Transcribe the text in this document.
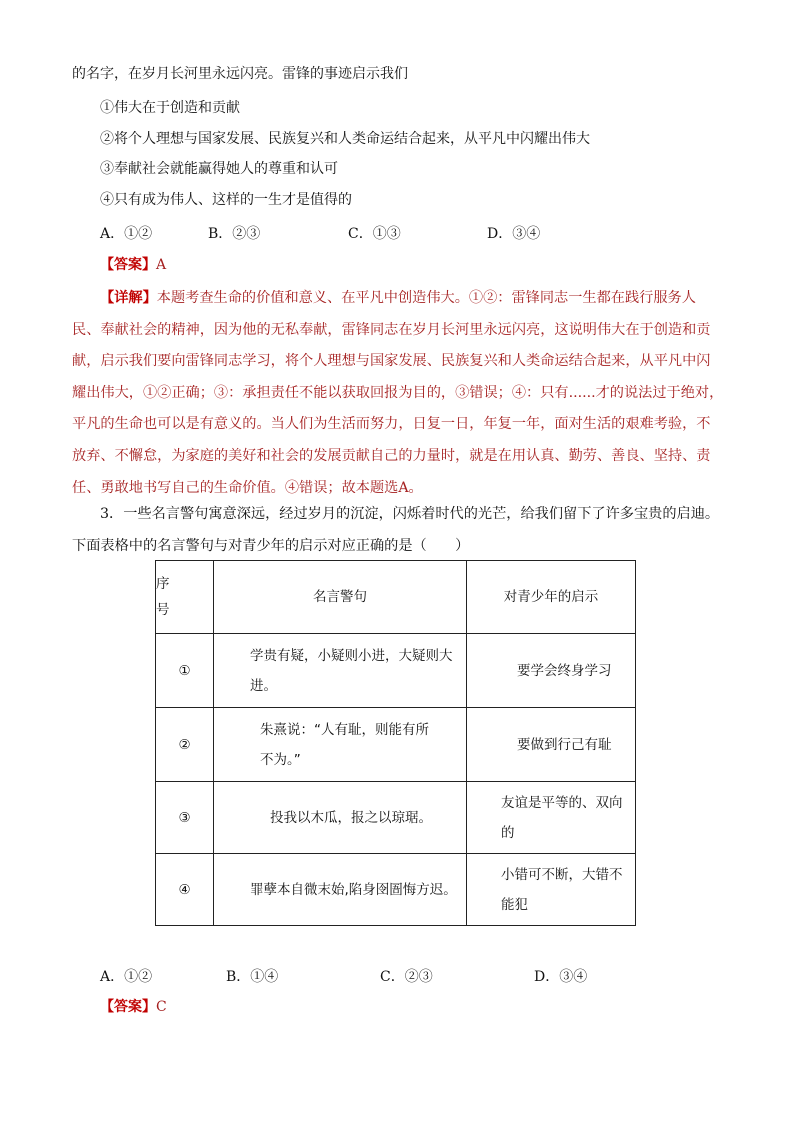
的名字，在岁月长河里永远闪亮。雷锋的事迹启示我们
①伟大在于创造和贡献
②将个人理想与国家发展、民族复兴和人类命运结合起来，从平凡中闪耀出伟大
③奉献社会就能赢得她人的尊重和认可
④只有成为伟人、这样的一生才是值得的
A．①②	B．②③	C．①③	D．③④
【答案】A
【详解】本题考查生命的价值和意义、在平凡中创造伟大。①②：雷锋同志一生都在践行服务人民、奉献社会的精神，因为他的无私奉献，雷锋同志在岁月长河里永远闪亮，这说明伟大在于创造和贡献，启示我们要向雷锋同志学习，将个人理想与国家发展、民族复兴和人类命运结合起来，从平凡中闪耀出伟大，①②正确；③：承担责任不能以获取回报为目的，③错误；④：只有......才的说法过于绝对，平凡的生命也可以是有意义的。当人们为生活而努力，日复一日，年复一年，面对生活的艰难考验，不放弃、不懈怠，为家庭的美好和社会的发展贡献自己的力量时，就是在用认真、勤劳、善良、坚持、责任、勇敢地书写自己的生命价值。④错误；故本题选A。
3．一些名言警句寓意深远，经过岁月的沉淀，闪烁着时代的光芒，给我们留下了许多宝贵的启迪。下面表格中的名言警句与对青少年的启示对应正确的是（　　）
序号	名言警句	对青少年的启示
①	学贵有疑，小疑则小进，大疑则大进。	要学会终身学习

②	朱熹说：“人有耻，则能有所不为。”	要做到行己有耻

③	投我以木瓜，报之以琼琚。	友谊是平等的、双向的

④	罪孽本自微末始,陷身囹圄悔方迟。	小错可不断，大错不能犯
A．①②	B．①④	C．②③	D．③④
【答案】C
